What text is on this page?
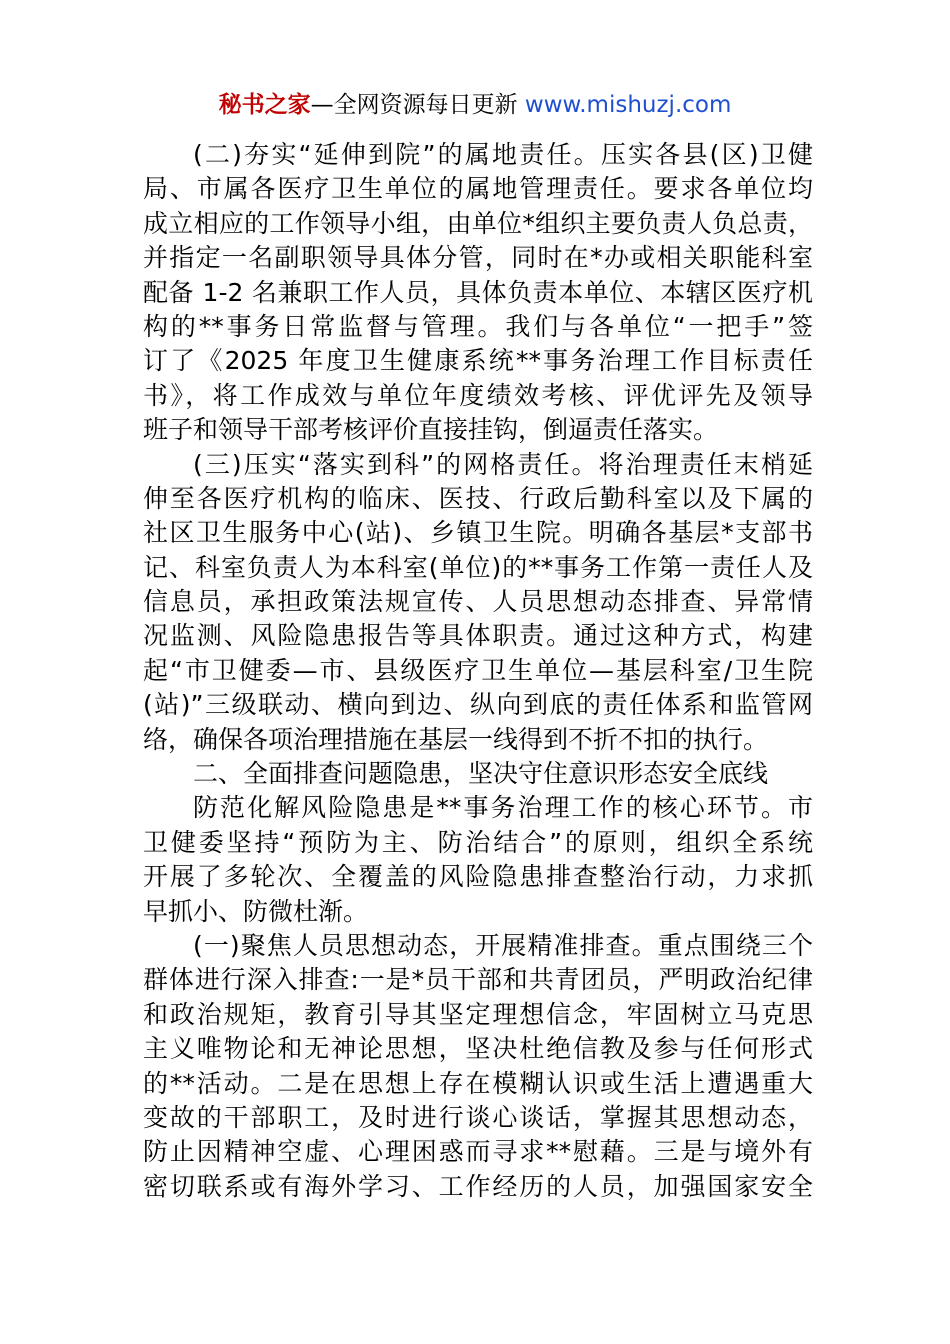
秘书之家—全网资源每日更新 www.mishuzj.com
(二)夯实“延伸到院”的属地责任。压实各县(区)卫健
局、市属各医疗卫生单位的属地管理责任。要求各单位均
成立相应的工作领导小组，由单位*组织主要负责人负总责，
并指定一名副职领导具体分管，同时在*办或相关职能科室
配备 1-2 名兼职工作人员，具体负责本单位、本辖区医疗机
构的**事务日常监督与管理。我们与各单位“一把手”签
订了《2025 年度卫生健康系统**事务治理工作目标责任
书》，将工作成效与单位年度绩效考核、评优评先及领导
班子和领导干部考核评价直接挂钩，倒逼责任落实。
(三)压实“落实到科”的网格责任。将治理责任末梢延
伸至各医疗机构的临床、医技、行政后勤科室以及下属的
社区卫生服务中心(站)、乡镇卫生院。明确各基层*支部书
记、科室负责人为本科室(单位)的**事务工作第一责任人及
信息员，承担政策法规宣传、人员思想动态排查、异常情
况监测、风险隐患报告等具体职责。通过这种方式，构建
起“市卫健委—市、县级医疗卫生单位—基层科室/卫生院
(站)”三级联动、横向到边、纵向到底的责任体系和监管网
络，确保各项治理措施在基层一线得到不折不扣的执行。
二、全面排查问题隐患，坚决守住意识形态安全底线
防范化解风险隐患是**事务治理工作的核心环节。市
卫健委坚持“预防为主、防治结合”的原则，组织全系统
开展了多轮次、全覆盖的风险隐患排查整治行动，力求抓
早抓小、防微杜渐。
(一)聚焦人员思想动态，开展精准排查。重点围绕三个
群体进行深入排查:一是*员干部和共青团员，严明政治纪律
和政治规矩，教育引导其坚定理想信念，牢固树立马克思
主义唯物论和无神论思想，坚决杜绝信教及参与任何形式
的**活动。二是在思想上存在模糊认识或生活上遭遇重大
变故的干部职工，及时进行谈心谈话，掌握其思想动态，
防止因精神空虚、心理困惑而寻求**慰藉。三是与境外有
密切联系或有海外学习、工作经历的人员，加强国家安全
